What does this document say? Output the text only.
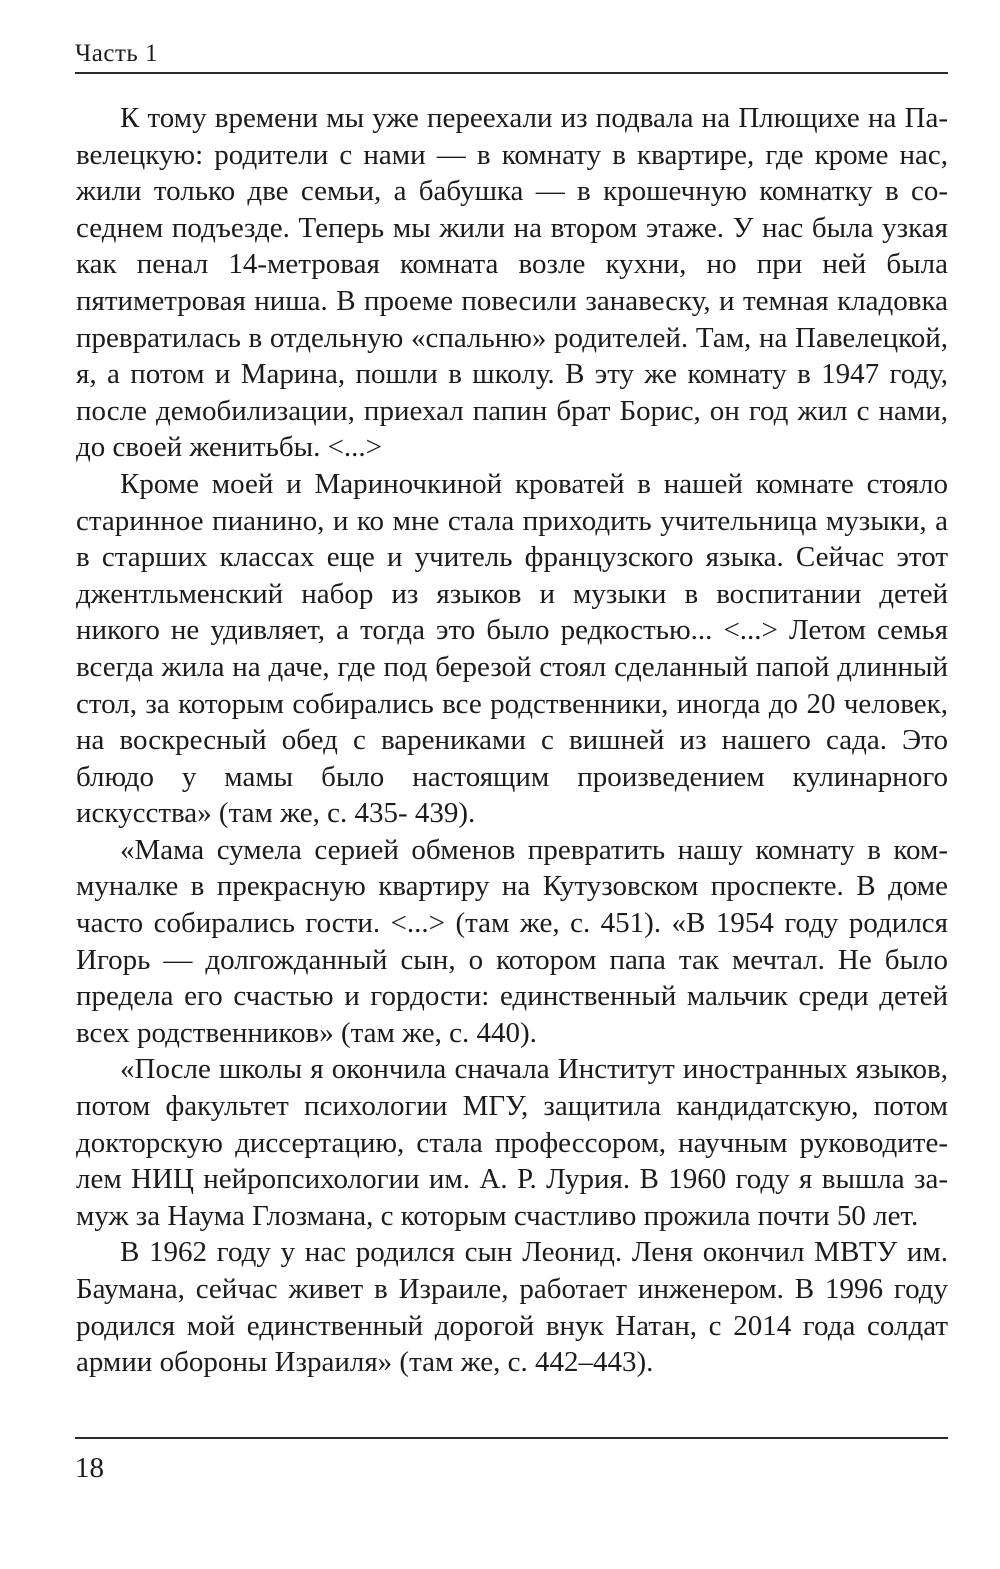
Часть 1

К тому времени мы уже переехали из подвала на Плющихе на Павелецкую: родители с нами — в комнату в квартире, где кроме нас, жили только две семьи, а бабушка — в крошечную комнатку в соседнем подъезде. Теперь мы жили на втором этаже. У нас была узкая как пенал 14-метровая комната возле кухни, но при ней была пятиметровая ниша. В проеме повесили занавеску, и темная кладовка превратилась в отдельную «спальню» родителей. Там, на Павелецкой, я, а потом и Марина, пошли в школу. В эту же комнату в 1947 году, после демобилизации, приехал папин брат Борис, он год жил с нами, до своей женитьбы. <...>

Кроме моей и Мариночкиной кроватей в нашей комнате стояло старинное пианино, и ко мне стала приходить учительница музыки, а в старших классах еще и учитель французского языка. Сейчас этот джентльменский набор из языков и музыки в воспитании детей никого не удивляет, а тогда это было редкостью... <...> Летом семья всегда жила на даче, где под березой стоял сделанный папой длинный стол, за которым собирались все родственники, иногда до 20 человек, на воскресный обед с варениками с вишней из нашего сада. Это блюдо у мамы было настоящим произведением кулинарного искусства» (там же, с. 435- 439).

«Мама сумела серией обменов превратить нашу комнату в коммуналке в прекрасную квартиру на Кутузовском проспекте. В доме часто собирались гости. <...> (там же, с. 451). «В 1954 году родился Игорь — долгожданный сын, о котором папа так мечтал. Не было предела его счастью и гордости: единственный мальчик среди детей всех родственников» (там же, с. 440).

«После школы я окончила сначала Институт иностранных языков, потом факультет психологии МГУ, защитила кандидатскую, потом докторскую диссертацию, стала профессором, научным руководителем НИЦ нейропсихологии им. А. Р. Лурия. В 1960 году я вышла замуж за Наума Глозмана, с которым счастливо прожила почти 50 лет.

В 1962 году у нас родился сын Леонид. Леня окончил МВТУ им. Баумана, сейчас живет в Израиле, работает инженером. В 1996 году родился мой единственный дорогой внук Натан, с 2014 года солдат армии обороны Израиля» (там же, с. 442–443).

18
